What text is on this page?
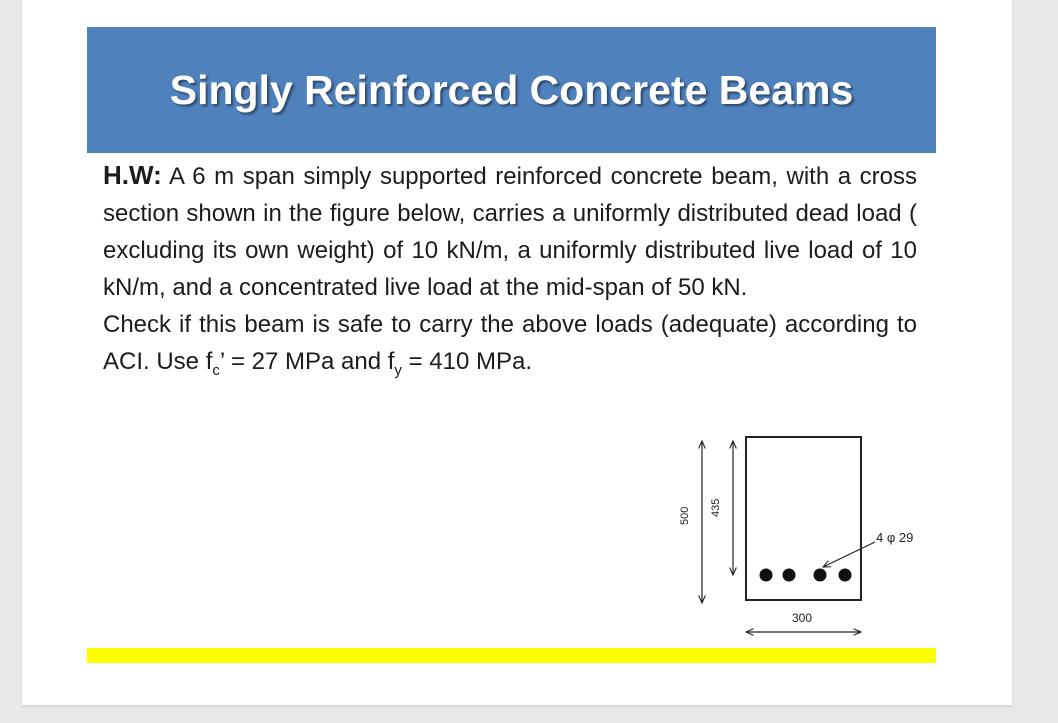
Singly Reinforced Concrete Beams

H.W: A 6 m span simply supported reinforced concrete beam, with a cross section shown in the figure below, carries a uniformly distributed dead load ( excluding its own weight) of 10 kN/m, a uniformly distributed live load of 10 kN/m, and a concentrated live load at the mid-span of 50 kN.

Check if this beam is safe to carry the above loads (adequate) according to ACI. Use $f_c$’ = 27 MPa and $f_y = 410$ MPa.

4 φ 29
500 435
300
